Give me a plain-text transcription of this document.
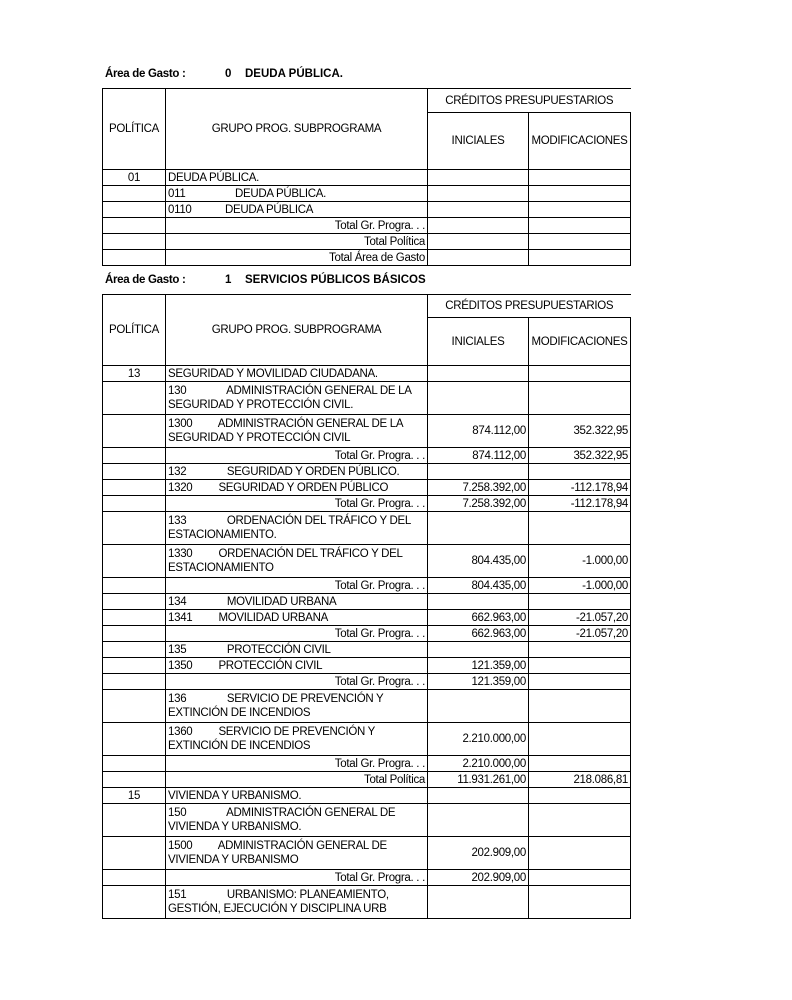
Área de Gasto :	0 DEUDA PÚBLICA.
POLÍTICA	GRUPO PROG. SUBPROGRAMA	CRÉDITOS PRESUPUESTARIOS
INICIALES	MODIFICACIONES

01	DEUDA PÚBLICA.		
	011	DEUDA PÚBLICA.		
	0110	DEUDA PÚBLICA		
	Total Gr. Progra. . .		
	Total Política		
	Total Área de Gasto		
Área de Gasto :	1 SERVICIOS PÚBLICOS BÁSICOS
POLÍTICA	GRUPO PROG. SUBPROGRAMA	CRÉDITOS PRESUPUESTARIOS
INICIALES	MODIFICACIONES

13	SEGURIDAD Y MOVILIDAD CIUDADANA.		
	130              ADMINISTRACIÓN GENERAL DE LA SEGURIDAD Y PROTECCIÓN CIVIL.		
	1300         ADMINISTRACIÓN GENERAL DE LA SEGURIDAD Y PROTECCIÓN CIVIL	874.112,00	352.322,95
	Total Gr. Progra. . .	874.112,00	352.322,95
	132              SEGURIDAD Y ORDEN PÚBLICO.		
	1320         SEGURIDAD Y ORDEN PÚBLICO	7.258.392,00	-112.178,94
	Total Gr. Progra. . .	7.258.392,00	-112.178,94
	133              ORDENACIÓN DEL TRÁFICO Y DEL ESTACIONAMIENTO.		
	1330         ORDENACIÓN DEL TRÁFICO Y DEL ESTACIONAMIENTO	804.435,00	-1.000,00
	Total Gr. Progra. . .	804.435,00	-1.000,00
	134              MOVILIDAD URBANA		
	1341         MOVILIDAD URBANA	662.963,00	-21.057,20
	Total Gr. Progra. . .	662.963,00	-21.057,20
	135              PROTECCIÓN CIVIL		
	1350         PROTECCIÓN CIVIL	121.359,00	
	Total Gr. Progra. . .	121.359,00	
	136              SERVICIO DE PREVENCIÓN Y EXTINCIÓN DE INCENDIOS		
	1360         SERVICIO DE PREVENCIÓN Y EXTINCIÓN DE INCENDIOS	2.210.000,00	
	Total Gr. Progra. . .	2.210.000,00	
	Total Política	11.931.261,00	218.086,81
15	VIVIENDA Y URBANISMO.		
	150              ADMINISTRACIÓN GENERAL DE VIVIENDA Y URBANISMO.		
	1500         ADMINISTRACIÓN GENERAL DE VIVIENDA Y URBANISMO	202.909,00	
	Total Gr. Progra. . .	202.909,00	
	151              URBANISMO: PLANEAMIENTO, GESTIÓN, EJECUCIÓN Y DISCIPLINA URB		
